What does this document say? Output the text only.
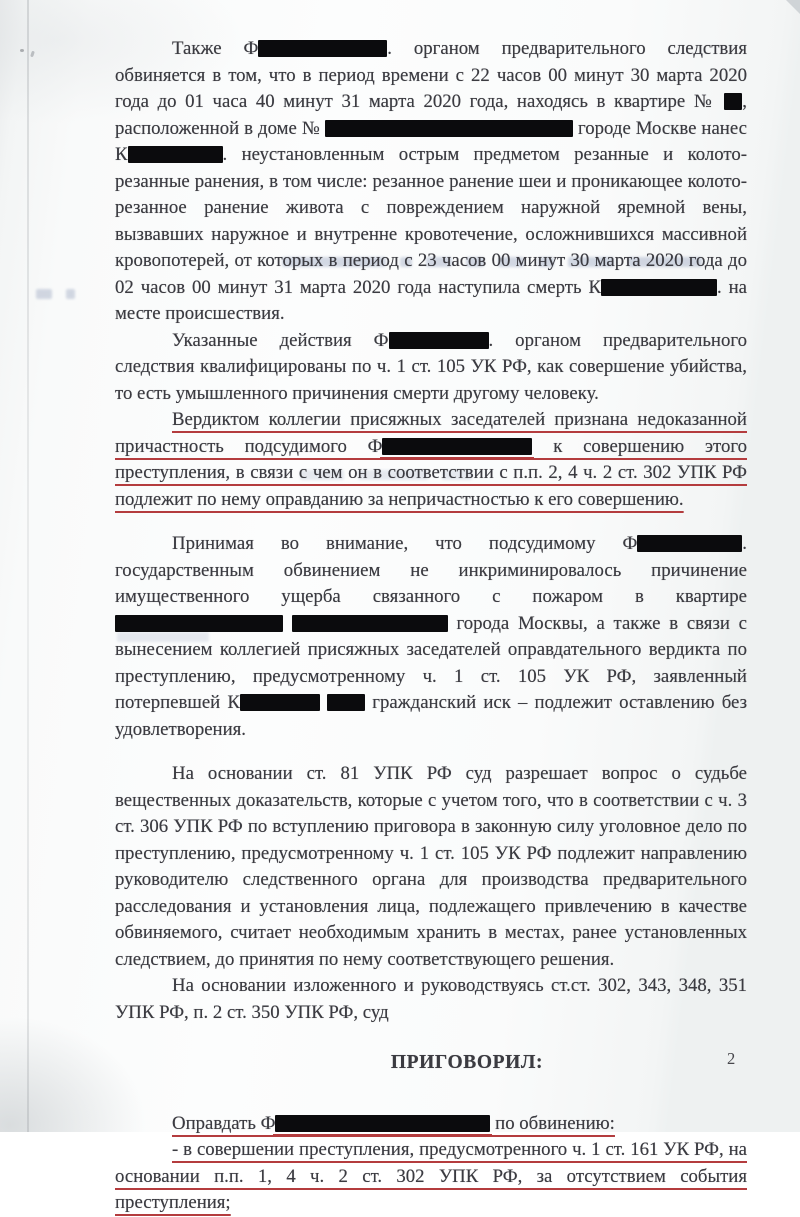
Также Ф	. органом предварительного следствия обвиняется в том, что в период времени с 22 часов 00 минут 30 марта 2020 года до 01 часа 40 минут 31 марта 2020 года, находясь в квартире № , расположенной в доме №	городе Москве нанес К	. неустановленным острым предметом резанные и колото-резанные ранения, в том числе: резанное ранение шеи и проникающее колото-резанное ранение живота с повреждением наружной яремной вены, вызвавших наружное и внутренне кровотечение, осложнившихся массивной кровопотерей, от которых в период с 23 часов 00 минут 30 марта 2020 года до 02 часов 00 минут 31 марта 2020 года наступила смерть К	. на месте происшествия.

Указанные действия Ф	. органом предварительного следствия квалифицированы по ч. 1 ст. 105 УК РФ, как совершение убийства, то есть умышленного причинения смерти другому человеку.

Вердиктом коллегии присяжных заседателей признана недоказанной причастность подсудимого Ф	к совершению этого преступления, в связи с чем он в соответствии с п.п. 2, 4 ч. 2 ст. 302 УПК РФ подлежит по нему оправданию за непричастностью к его совершению.

Принимая во внимание, что подсудимому Ф	. государственным обвинением не инкриминировалось причинение имущественного ущерба связанного с пожаром в квартире   города Москвы, а также в связи с вынесением коллегией присяжных заседателей оправдательного вердикта по преступлению, предусмотренному ч. 1 ст. 105 УК РФ, заявленный потерпевшей К	гражданский иск – подлежит оставлению без удовлетворения.

На основании ст. 81 УПК РФ суд разрешает вопрос о судьбе вещественных доказательств, которые с учетом того, что в соответствии с ч. 3 ст. 306 УПК РФ по вступлению приговора в законную силу уголовное дело по преступлению, предусмотренному ч. 1 ст. 105 УК РФ подлежит направлению руководителю следственного органа для производства предварительного расследования и установления лица, подлежащего привлечению в качестве обвиняемого, считает необходимым хранить в местах, ранее установленных следствием, до принятия по нему соответствующего решения.

На основании изложенного и руководствуясь ст.ст. 302, 343, 348, 351 УПК РФ, п. 2 ст. 350 УПК РФ, суд

ПРИГОВОРИЛ:

Оправдать Ф	по обвинению:

- в совершении преступления, предусмотренного ч. 1 ст. 161 УК РФ, на основании п.п. 1, 4 ч. 2 ст. 302 УПК РФ, за отсутствием события преступления;

2
